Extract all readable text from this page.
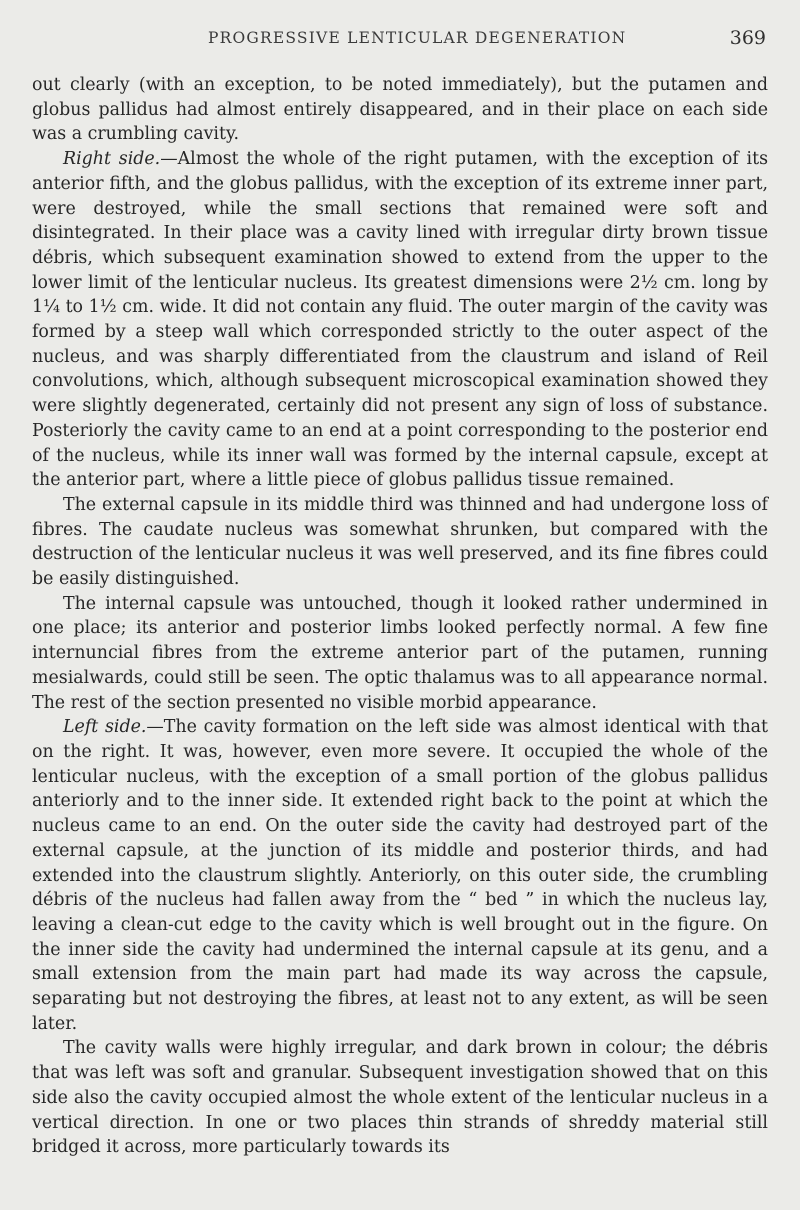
PROGRESSIVE LENTICULAR DEGENERATION	369

out clearly (with an exception, to be noted immediately), but the putamen and globus pallidus had almost entirely disappeared, and in their place on each side was a crumbling cavity.

Right side.—Almost the whole of the right putamen, with the exception of its anterior fifth, and the globus pallidus, with the exception of its extreme inner part, were destroyed, while the small sections that remained were soft and disintegrated. In their place was a cavity lined with irregular dirty brown tissue débris, which subsequent examination showed to extend from the upper to the lower limit of the lenticular nucleus. Its greatest dimensions were 2½ cm. long by 1¼ to 1½ cm. wide. It did not contain any fluid. The outer margin of the cavity was formed by a steep wall which corresponded strictly to the outer aspect of the nucleus, and was sharply differentiated from the claustrum and island of Reil convolutions, which, although subsequent microscopical examination showed they were slightly degenerated, certainly did not present any sign of loss of substance. Posteriorly the cavity came to an end at a point corresponding to the posterior end of the nucleus, while its inner wall was formed by the internal capsule, except at the anterior part, where a little piece of globus pallidus tissue remained.

The external capsule in its middle third was thinned and had undergone loss of fibres. The caudate nucleus was somewhat shrunken, but compared with the destruction of the lenticular nucleus it was well preserved, and its fine fibres could be easily distinguished.

The internal capsule was untouched, though it looked rather undermined in one place; its anterior and posterior limbs looked perfectly normal. A few fine internuncial fibres from the extreme anterior part of the putamen, running mesialwards, could still be seen. The optic thalamus was to all appearance normal. The rest of the section presented no visible morbid appearance.

Left side.—The cavity formation on the left side was almost identical with that on the right. It was, however, even more severe. It occupied the whole of the lenticular nucleus, with the exception of a small portion of the globus pallidus anteriorly and to the inner side. It extended right back to the point at which the nucleus came to an end. On the outer side the cavity had destroyed part of the external capsule, at the junction of its middle and posterior thirds, and had extended into the claustrum slightly. Anteriorly, on this outer side, the crumbling débris of the nucleus had fallen away from the “ bed ” in which the nucleus lay, leaving a clean-cut edge to the cavity which is well brought out in the figure. On the inner side the cavity had undermined the internal capsule at its genu, and a small extension from the main part had made its way across the capsule, separating but not destroying the fibres, at least not to any extent, as will be seen later.

The cavity walls were highly irregular, and dark brown in colour; the débris that was left was soft and granular. Subsequent investigation showed that on this side also the cavity occupied almost the whole extent of the lenticular nucleus in a vertical direction. In one or two places thin strands of shreddy material still bridged it across, more particularly towards its
